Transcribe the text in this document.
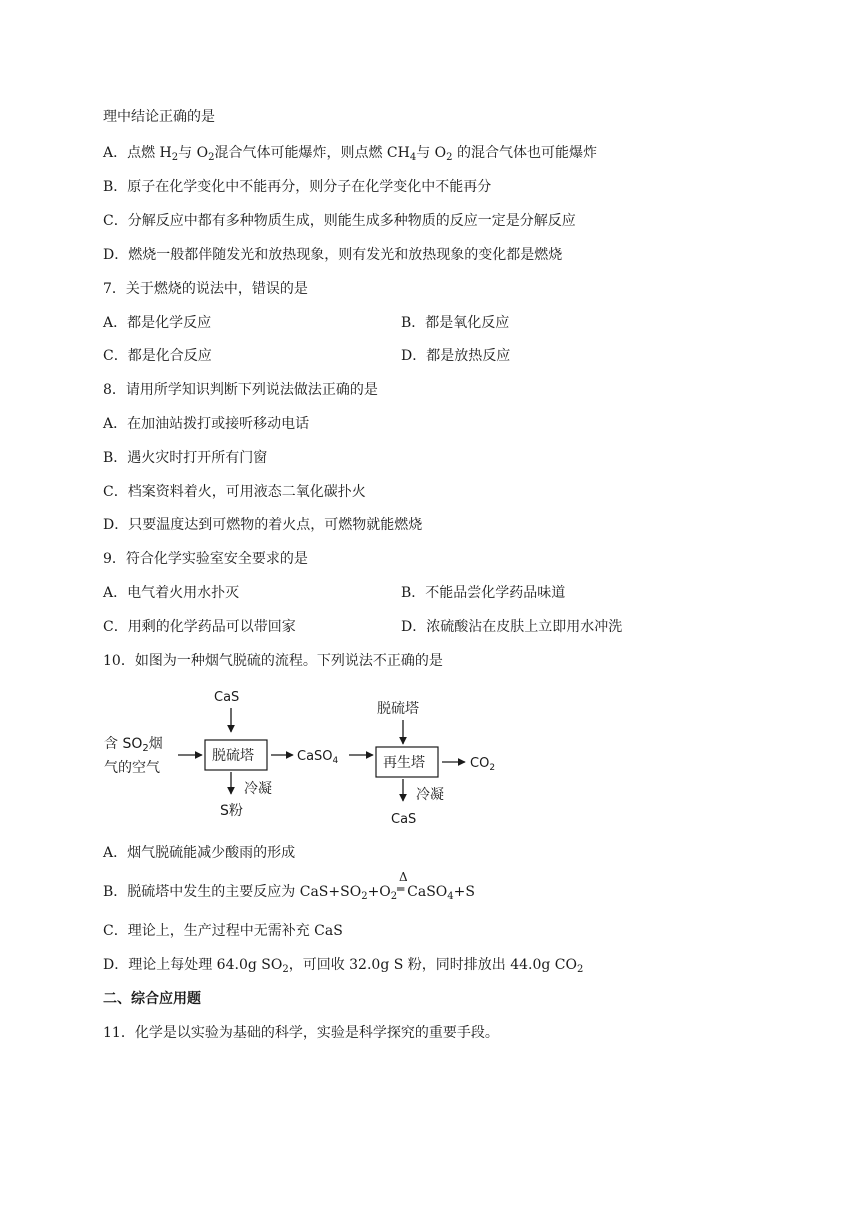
理中结论正确的是
A．点燃 $H_2$与 $O_2$混合气体可能爆炸，则点燃 $CH_4$与 $O_2$ 的混合气体也可能爆炸
B．原子在化学变化中不能再分，则分子在化学变化中不能再分
C．分解反应中都有多种物质生成，则能生成多种物质的反应一定是分解反应
D．燃烧一般都伴随发光和放热现象，则有发光和放热现象的变化都是燃烧
7．关于燃烧的说法中，错误的是
A．都是化学反应	B．都是氧化反应
C．都是化合反应	D．都是放热反应
8．请用所学知识判断下列说法做法正确的是
A．在加油站拨打或接听移动电话
B．遇火灾时打开所有门窗
C．档案资料着火，可用液态二氧化碳扑火
D．只要温度达到可燃物的着火点，可燃物就能燃烧
9．符合化学实验室安全要求的是
A．电气着火用水扑灭	B．不能品尝化学药品味道
C．用剩的化学药品可以带回家	D．浓硫酸沾在皮肤上立即用水冲洗
10．如图为一种烟气脱硫的流程。下列说法不正确的是
CaS
含 $SO_2$烟
气的空气
脱硫塔	CaSO$_4$
脱硫塔
再生塔	$CO_2$
冷凝
S粉
冷凝
CaS
A．烟气脱硫能减少酸雨的形成
Δ
═
B．脱硫塔中发生的主要反应为 $CaS+SO_2+O_2$ CaSO$_4$+S
C．理论上，生产过程中无需补充 CaS
D．理论上每处理 64.0g $SO_2$，可回收 32.0g S 粉，同时排放出 44.0g $CO_2$
二、综合应用题
11．化学是以实验为基础的科学，实验是科学探究的重要手段。
